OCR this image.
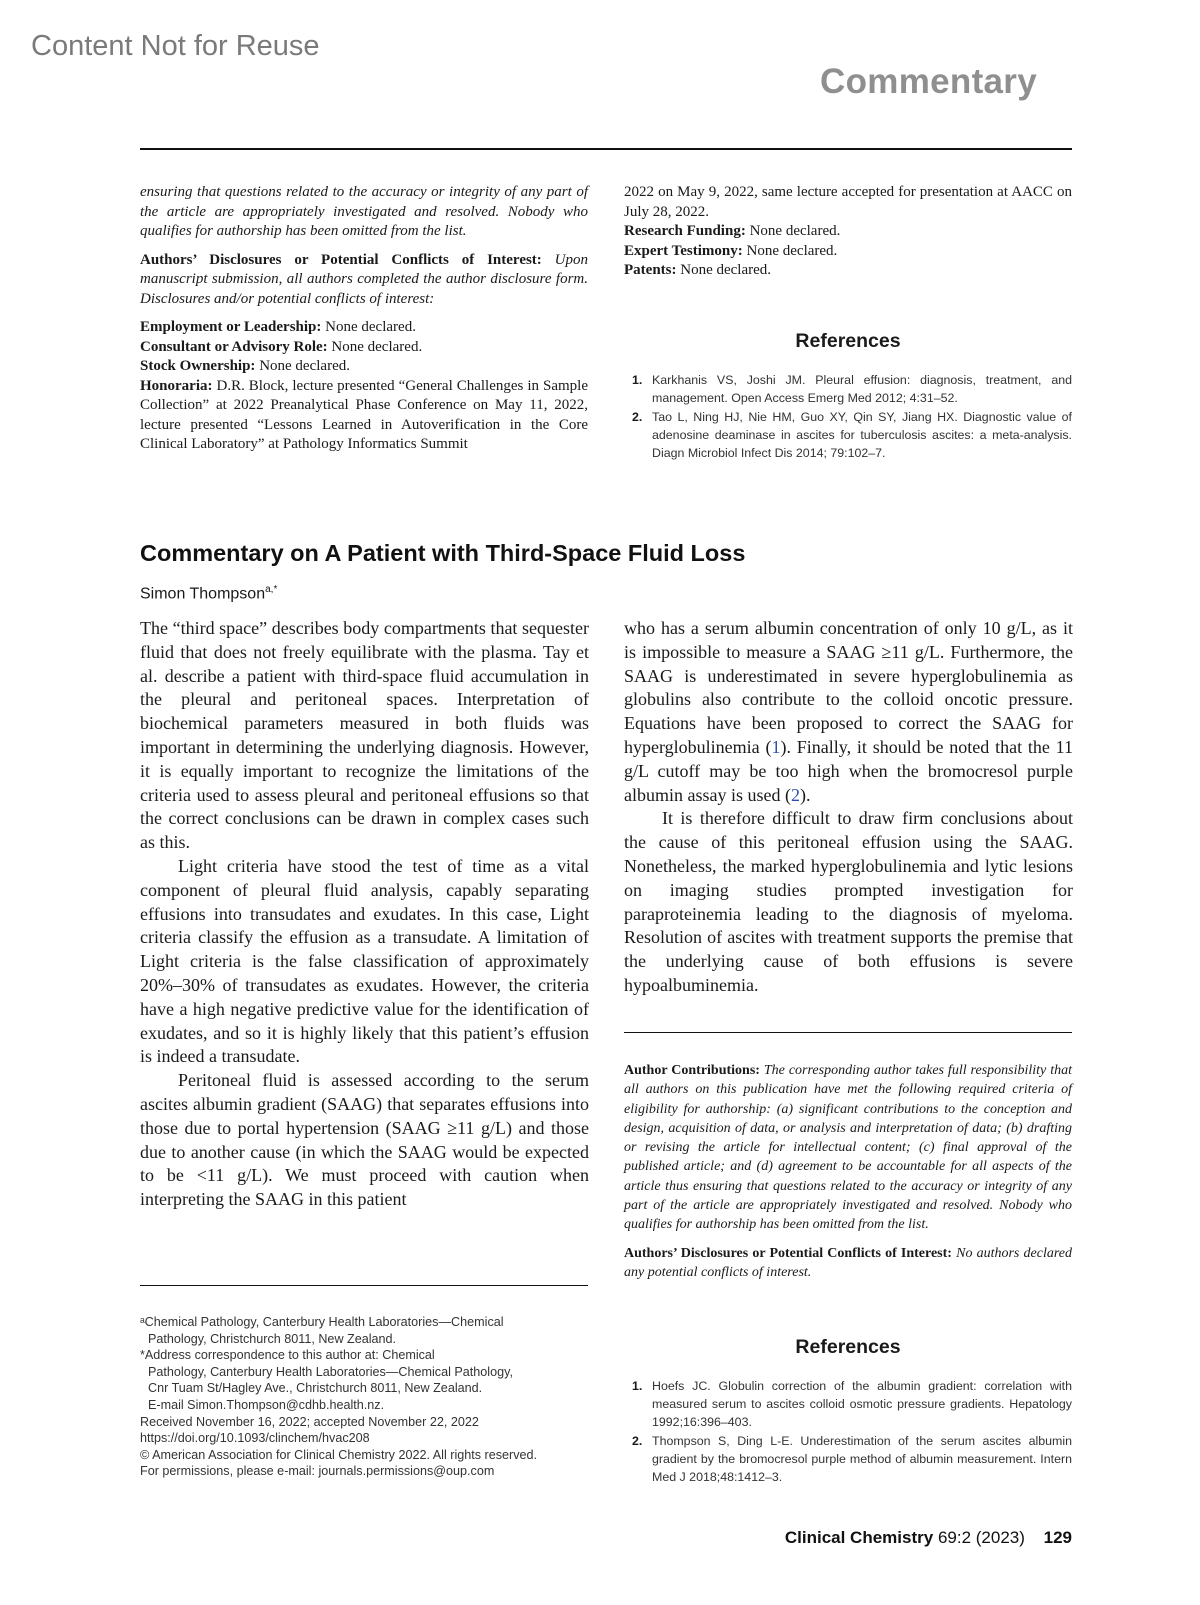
Content Not for Reuse
Commentary

ensuring that questions related to the accuracy or integrity of any part of the article are appropriately investigated and resolved. Nobody who qualifies for authorship has been omitted from the list.

Authors’ Disclosures or Potential Conflicts of Interest: Upon manuscript submission, all authors completed the author disclosure form. Disclosures and/or potential conflicts of interest:

Employment or Leadership: None declared.

Consultant or Advisory Role: None declared.

Stock Ownership: None declared.

Honoraria: D.R. Block, lecture presented “General Challenges in Sample Collection” at 2022 Preanalytical Phase Conference on May 11, 2022, lecture presented “Lessons Learned in Autoverification in the Core Clinical Laboratory” at Pathology Informatics Summit

2022 on May 9, 2022, same lecture accepted for presentation at AACC on July 28, 2022.

Research Funding: None declared.

Expert Testimony: None declared.

Patents: None declared.

References

1. Karkhanis VS, Joshi JM. Pleural effusion: diagnosis, treatment, and management. Open Access Emerg Med 2012; 4:31–52.
2. Tao L, Ning HJ, Nie HM, Guo XY, Qin SY, Jiang HX. Diagnostic value of adenosine deaminase in ascites for tuberculosis ascites: a meta-analysis. Diagn Microbiol Infect Dis 2014; 79:102–7.
Commentary on A Patient with Third-Space Fluid Loss
Simon Thompson$^{a,*}$

The “third space” describes body compartments that sequester fluid that does not freely equilibrate with the plasma. Tay et al. describe a patient with third-space fluid accumulation in the pleural and peritoneal spaces. Interpretation of biochemical parameters measured in both fluids was important in determining the underlying diagnosis. However, it is equally important to recognize the limitations of the criteria used to assess pleural and peritoneal effusions so that the correct conclusions can be drawn in complex cases such as this.

Light criteria have stood the test of time as a vital component of pleural fluid analysis, capably separating effusions into transudates and exudates. In this case, Light criteria classify the effusion as a transudate. A limitation of Light criteria is the false classification of approximately 20%–30% of transudates as exudates. However, the criteria have a high negative predictive value for the identification of exudates, and so it is highly likely that this patient’s effusion is indeed a transudate.

Peritoneal fluid is assessed according to the serum ascites albumin gradient (SAAG) that separates effusions into those due to portal hypertension (SAAG ≥11 g/L) and those due to another cause (in which the SAAG would be expected to be <11 g/L). We must proceed with caution when interpreting the SAAG in this patient

who has a serum albumin concentration of only 10 g/L, as it is impossible to measure a SAAG ≥11 g/L. Furthermore, the SAAG is underestimated in severe hyperglobulinemia as globulins also contribute to the colloid oncotic pressure. Equations have been proposed to correct the SAAG for hyperglobulinemia (1). Finally, it should be noted that the 11 g/L cutoff may be too high when the bromocresol purple albumin assay is used (2).

It is therefore difficult to draw firm conclusions about the cause of this peritoneal effusion using the SAAG. Nonetheless, the marked hyperglobulinemia and lytic lesions on imaging studies prompted investigation for paraproteinemia leading to the diagnosis of myeloma. Resolution of ascites with treatment supports the premise that the underlying cause of both effusions is severe hypoalbuminemia.

Author Contributions: The corresponding author takes full responsibility that all authors on this publication have met the following required criteria of eligibility for authorship: (a) significant contributions to the conception and design, acquisition of data, or analysis and interpretation of data; (b) drafting or revising the article for intellectual content; (c) final approval of the published article; and (d) agreement to be accountable for all aspects of the article thus ensuring that questions related to the accuracy or integrity of any part of the article are appropriately investigated and resolved. Nobody who qualifies for authorship has been omitted from the list.

Authors’ Disclosures or Potential Conflicts of Interest: No authors declared any potential conflicts of interest.

References

1. Hoefs JC. Globulin correction of the albumin gradient: correlation with measured serum to ascites colloid osmotic pressure gradients. Hepatology 1992;16:396–403.
2. Thompson S, Ding L-E. Underestimation of the serum ascites albumin gradient by the bromocresol purple method of albumin measurement. Intern Med J 2018;48:1412–3.

ᵃChemical Pathology, Canterbury Health Laboratories—Chemical

Pathology, Christchurch 8011, New Zealand.

*Address correspondence to this author at: Chemical

Pathology, Canterbury Health Laboratories—Chemical Pathology,

Cnr Tuam St/Hagley Ave., Christchurch 8011, New Zealand.

E-mail Simon.Thompson@cdhb.health.nz.

Received November 16, 2022; accepted November 22, 2022

https://doi.org/10.1093/clinchem/hvac208

© American Association for Clinical Chemistry 2022. All rights reserved.

For permissions, please e-mail: journals.permissions@oup.com

Clinical Chemistry 69:2 (2023) 129
